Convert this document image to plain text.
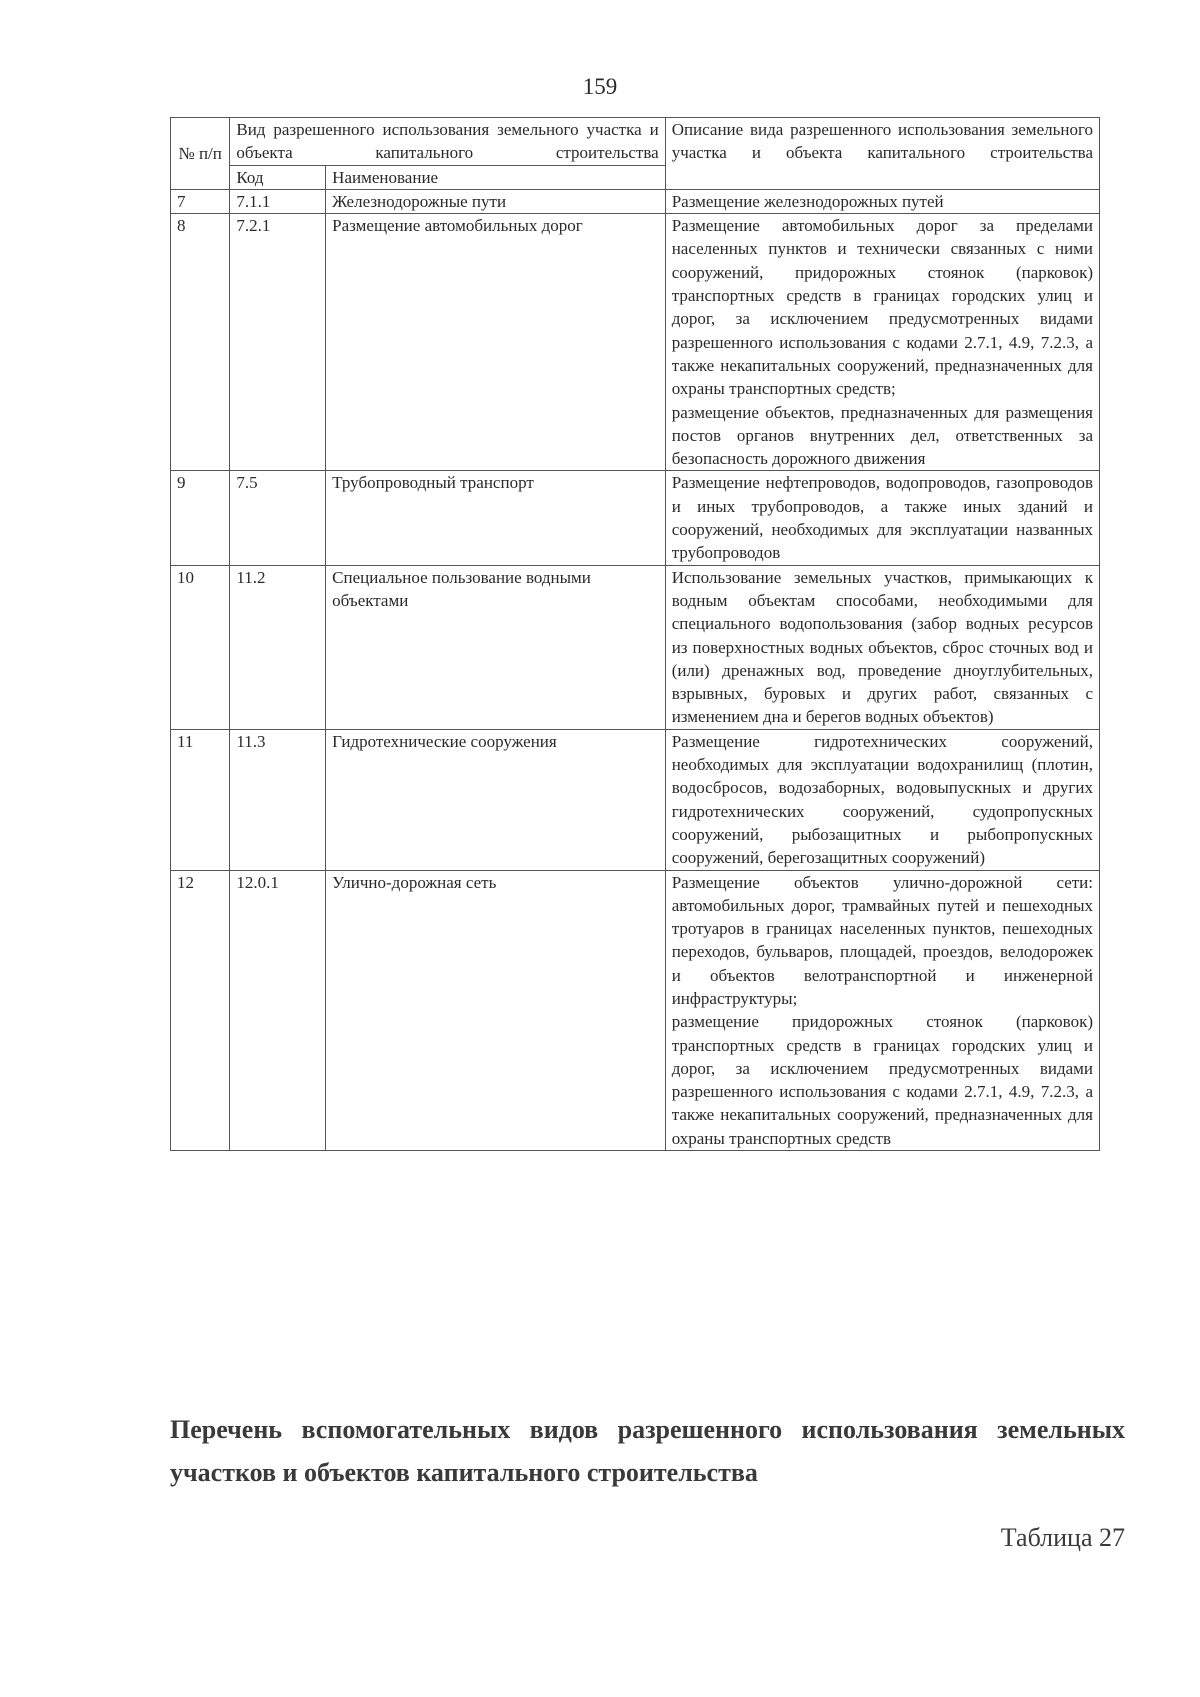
159
№ п/п	Вид разрешенного использования земельного участка и объекта капитального строительства		Описание вида разрешенного использования земельного участка и объекта капитального строительства
	Код	Наименование	
7	7.1.1	Железнодорожные пути	Размещение железнодорожных путей
8	7.2.1	Размещение автомобильных дорог	Размещение автомобильных дорог за пределами населенных пунктов и технически связанных с ними сооружений, придорожных стоянок (парковок) транспортных средств в границах городских улиц и дорог, за исключением предусмотренных видами разрешенного использования с кодами 2.7.1, 4.9, 7.2.3, а также некапитальных сооружений, предназначенных для охраны транспортных средств;
размещение объектов, предназначенных для размещения постов органов внутренних дел, ответственных за безопасность дорожного движения

9	7.5	Трубопроводный транспорт	Размещение нефтепроводов, водопроводов, газопроводов и иных трубопроводов, а также иных зданий и сооружений, необходимых для эксплуатации названных трубопроводов
10	11.2	Специальное пользование водными объектами	Использование земельных участков, примыкающих к водным объектам способами, необходимыми для специального водопользования (забор водных ресурсов из поверхностных водных объектов, сброс сточных вод и (или) дренажных вод, проведение дноуглубительных, взрывных, буровых и других работ, связанных с изменением дна и берегов водных объектов)
11	11.3	Гидротехнические сооружения	Размещение гидротехнических сооружений, необходимых для эксплуатации водохранилищ (плотин, водосбросов, водозаборных, водовыпускных и других гидротехнических сооружений, судопропускных сооружений, рыбозащитных и рыбопропускных сооружений, берегозащитных сооружений)
12	12.0.1	Улично-дорожная сеть	Размещение объектов улично-дорожной сети: автомобильных дорог, трамвайных путей и пешеходных тротуаров в границах населенных пунктов, пешеходных переходов, бульваров, площадей, проездов, велодорожек и объектов велотранспортной и инженерной инфраструктуры;
размещение придорожных стоянок (парковок) транспортных средств в границах городских улиц и дорог, за исключением предусмотренных видами разрешенного использования с кодами 2.7.1, 4.9, 7.2.3, а также некапитальных сооружений, предназначенных для охраны транспортных средств
Перечень вспомогательных видов разрешенного использования земельных участков и объектов капитального строительства
Таблица 27
